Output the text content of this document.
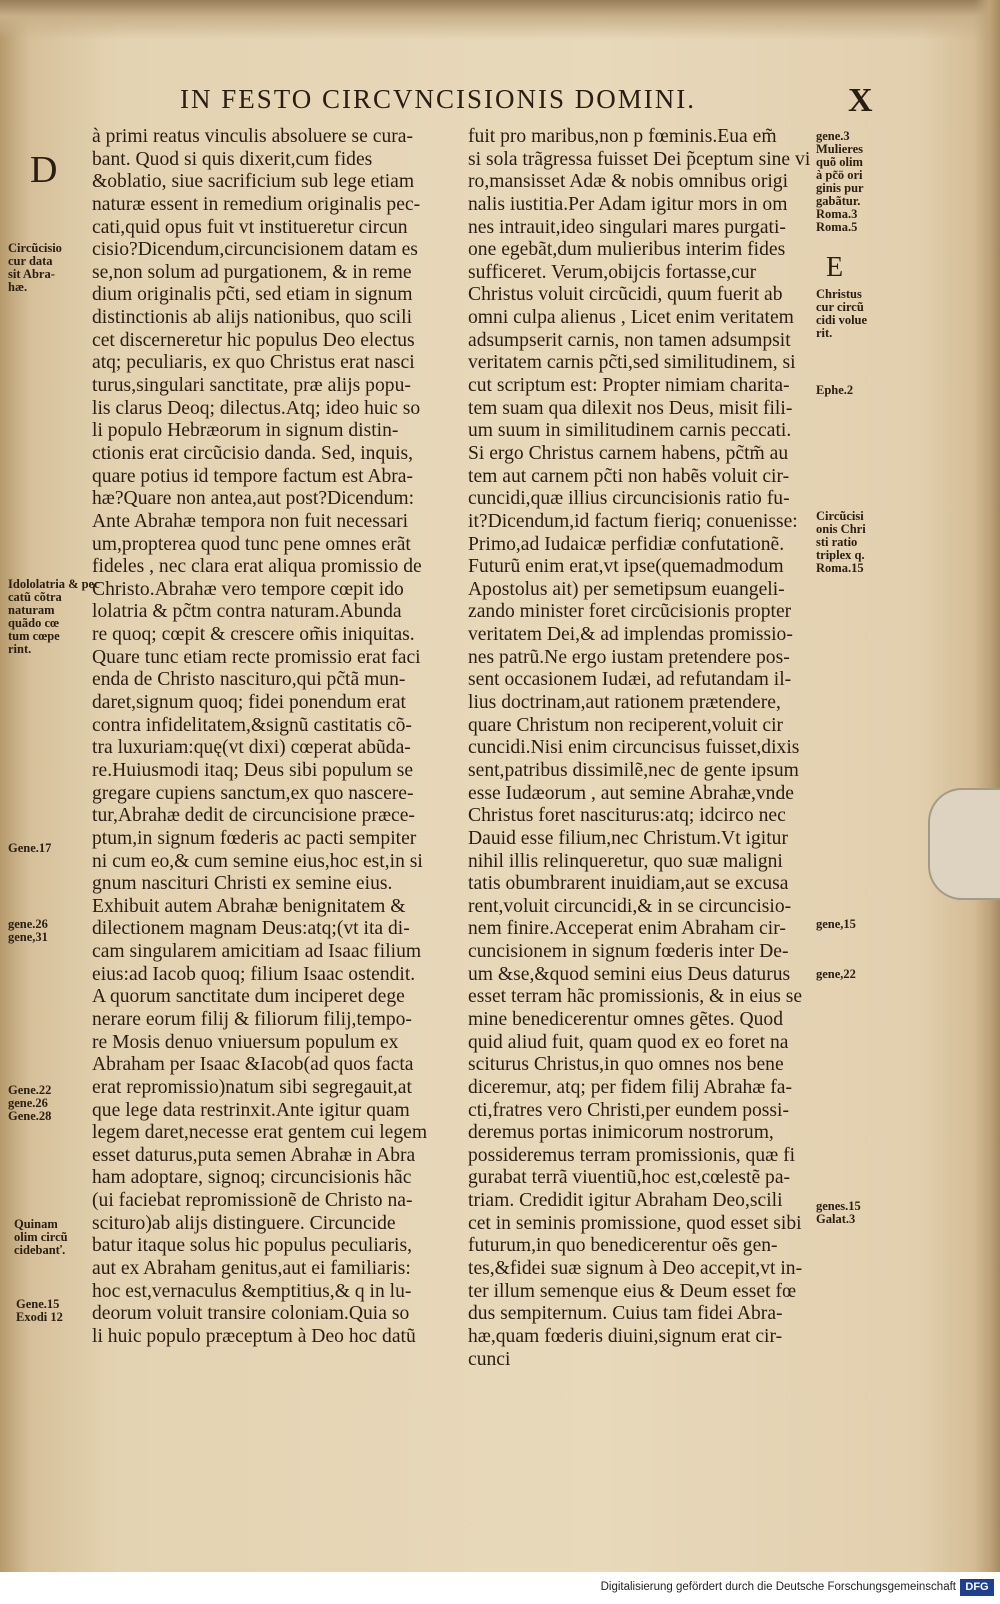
IN FESTO CIRCVNCISIONIS DOMINI.	X
D
E
à primi reatus vinculis absoluere se cura-
bant. Quod si quis dixerit,cum fides
&oblatio, siue sacrificium sub lege etiam
naturæ essent in remedium originalis pec-
cati,quid opus fuit vt institueretur circun
cisio?Dicendum,circuncisionem datam es
se,non solum ad purgationem, & in reme
dium originalis pc̃ti, sed etiam in signum
distinctionis ab alijs nationibus, quo scili
cet discerneretur hic populus Deo electus
atq; peculiaris, ex quo Christus erat nasci
turus,singulari sanctitate, præ alijs popu-
lis clarus Deoq; dilectus.Atq; ideo huic so
li populo Hebræorum in signum distin-
ctionis erat circũcisio danda. Sed, inquis,
quare potius id tempore factum est Abra-
hæ?Quare non antea,aut post?Dicendum:
Ante Abrahæ tempora non fuit necessari
um,propterea quod tunc pene omnes erãt
fideles , nec clara erat aliqua promissio de
Christo.Abrahæ vero tempore cœpit ido
lolatria & pc̃tm contra naturam.Abunda
re quoq; cœpit & crescere om̃is iniquitas.
Quare tunc etiam recte promissio erat faci
enda de Christo nascituro,qui pc̃tã mun-
daret,signum quoq; fidei ponendum erat
contra infidelitatem,&signũ castitatis cõ-
tra luxuriam:quę(vt dixi) cœperat abũda-
re.Huiusmodi itaq; Deus sibi populum se
gregare cupiens sanctum,ex quo nascere-
tur,Abrahæ dedit de circuncisione præce-
ptum,in signum fœderis ac pacti sempiter
ni cum eo,& cum semine eius,hoc est,in si
gnum nascituri Christi ex semine eius.
Exhibuit autem Abrahæ benignitatem &
dilectionem magnam Deus:atq;(vt ita di-
cam singularem amicitiam ad Isaac filium
eius:ad Iacob quoq; filium Isaac ostendit.
A quorum sanctitate dum inciperet dege
nerare eorum filij & filiorum filij,tempo-
re Mosis denuo vniuersum populum ex
Abraham per Isaac &Iacob(ad quos facta
erat repromissio)natum sibi segregauit,at
que lege data restrinxit.Ante igitur quam
legem daret,necesse erat gentem cui legem
esset daturus,puta semen Abrahæ in Abra
ham adoptare, signoq; circuncisionis hãc
(ui faciebat repromissionẽ de Christo na-
sciturо)ab alijs distinguere. Circuncide
batur itaque solus hic populus peculiaris,
aut ex Abraham genitus,aut ei familiaris:
hoc est,vernaculus &emptitius,& q in lu-
deorum voluit transire coloniam.Quia so
li huic populo præceptum à Deo hoc datũ
fuit pro maribus,non p fœminis.Eua em̃
si sola trãgressa fuisset Dei p̃ceptum sine vi
ro,mansisset Adæ & nobis omnibus origi
nalis iustitia.Per Adam igitur mors in om
nes intrauit,ideo singulari mares purgati-
one egebãt,dum mulieribus interim fides
sufficeret. Verum,obijcis fortasse,cur
Christus voluit circũcidi, quum fuerit ab
omni culpa alienus , Licet enim veritatem
adsumpserit carnis, non tamen adsumpsit
veritatem carnis pc̃ti,sed similitudinem, si
cut scriptum est: Propter nimiam charita-
tem suam qua dilexit nos Deus, misit fili-
um suum in similitudinem carnis peccati.
Si ergo Christus carnem habens, pc̃tm̃ au
tem aut carnem pc̃ti non habẽs voluit cir-
cuncidi,quæ illius circuncisionis ratio fu-
it?Dicendum,id factum fieriq; conuenisse:
Primo,ad Iudaicæ perfidiæ confutationẽ.
Futurũ enim erat,vt ipse(quemadmodum
Apostolus ait) per semetipsum euangeli-
zando minister foret circũcisionis propter
veritatem Dei,& ad implendas promissio-
nes patrũ.Ne ergo iustam pretendere pos-
sent occasionem Iudæi, ad refutandam il-
lius doctrinam,aut rationem prætendere,
quare Christum non reciperent,voluit cir
cuncidi.Nisi enim circuncisus fuisset,dixis
sent,patribus dissimilẽ,nec de gente ipsum
esse Iudæorum , aut semine Abrahæ,vnde
Christus foret nasciturus:atq; idcirco nec
Dauid esse filium,nec Christum.Vt igitur
nihil illis relinqueretur, quo suæ maligni
tatis obumbrarent inuidiam,aut se excusa
rent,voluit circuncidi,& in se circuncisio-
nem finire.Acceperat enim Abraham cir-
cuncisionem in signum fœderis inter De-
um &se,&quod semini eius Deus daturus
esset terram hãc promissionis, & in eius se
mine benedicerentur omnes gẽtes. Quod
quid aliud fuit, quam quod ex eo foret na
sciturus Christus,in quo omnes nos bene
diceremur, atq; per fidem filij Abrahæ fa-
cti,fratres vero Christi,per eundem possi-
deremus portas inimicorum nostrorum,
possideremus terram promissionis, quæ fi
gurabat terrã viuentiũ,hoc est,cœlestẽ pa-
triam. Credidit igitur Abraham Deo,scili
cet in seminis promissione, quod esset sibi
futurum,in quo benedicerentur oẽs gen-
tes,&fidei suæ signum à Deo accepit,vt in-
ter illum semenque eius & Deum esset fœ
dus sempiternum. Cuius tam fidei Abra-
hæ,quam fœderis diuini,signum erat cir-
cunci
Circũcisio
cur data
sit Abra-
hæ.
Idololatria & pec
catũ cõtra
naturam
quãdo cœ
tum cœpe
rint.
Gene.17
gene.26
gene,31
Gene.22
gene.26
Gene.28
Quinam
olim circũ
cidebanť.
Gene.15
Exodi 12
gene.3
Mulieres
quõ olim
à pc̃ö ori
ginis pur
gabãtur.
Roma.3
Roma.5
Christus
cur circũ
cidi volue
rit.
Ephe.2
Circũcisi
onis Chri
sti ratio
triplex q.
Roma.15
gene,15
gene,22
genes.15
Galat.3
Digitalisierung gefördert durch die Deutsche Forschungsgemeinschaft DFG
